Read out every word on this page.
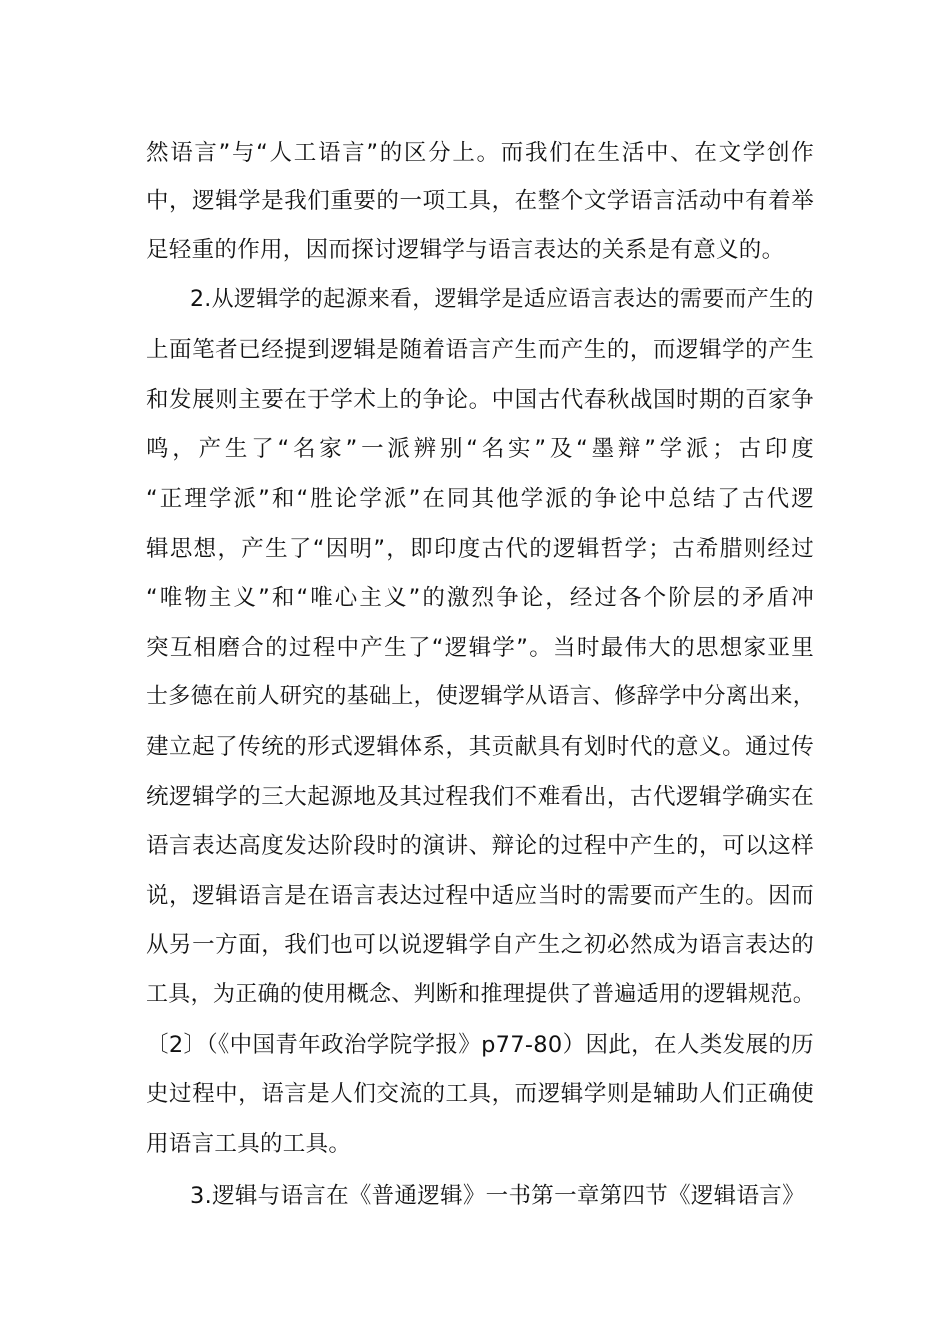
然语言”与“人工语言”的区分上。而我们在生活中、在文学创作
中，逻辑学是我们重要的一项工具，在整个文学语言活动中有着举
足轻重的作用，因而探讨逻辑学与语言表达的关系是有意义的。
2.从逻辑学的起源来看，逻辑学是适应语言表达的需要而产生的
上面笔者已经提到逻辑是随着语言产生而产生的，而逻辑学的产生
和发展则主要在于学术上的争论。中国古代春秋战国时期的百家争
鸣，产生了“名家”一派辨别“名实”及“墨辩”学派；古印度
“正理学派”和“胜论学派”在同其他学派的争论中总结了古代逻
辑思想，产生了“因明”，即印度古代的逻辑哲学；古希腊则经过
“唯物主义”和“唯心主义”的激烈争论，经过各个阶层的矛盾冲
突互相磨合的过程中产生了“逻辑学”。当时最伟大的思想家亚里
士多德在前人研究的基础上，使逻辑学从语言、修辞学中分离出来，
建立起了传统的形式逻辑体系，其贡献具有划时代的意义。通过传
统逻辑学的三大起源地及其过程我们不难看出，古代逻辑学确实在
语言表达高度发达阶段时的演讲、辩论的过程中产生的，可以这样
说，逻辑语言是在语言表达过程中适应当时的需要而产生的。因而
从另一方面，我们也可以说逻辑学自产生之初必然成为语言表达的
工具，为正确的使用概念、判断和推理提供了普遍适用的逻辑规范。
〔2〕（《中国青年政治学院学报》p77-80）因此，在人类发展的历
史过程中，语言是人们交流的工具，而逻辑学则是辅助人们正确使
用语言工具的工具。
3.逻辑与语言在《普通逻辑》一书第一章第四节《逻辑语言》
